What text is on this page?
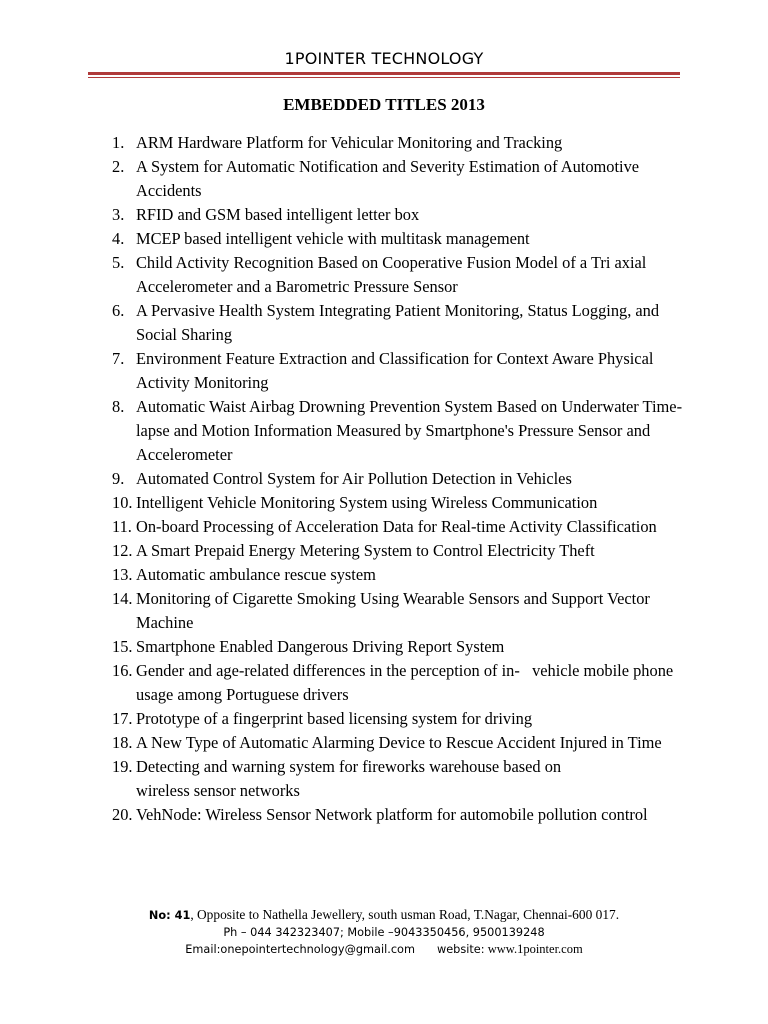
1POINTER TECHNOLOGY
EMBEDDED TITLES 2013
1. ARM Hardware Platform for Vehicular Monitoring and Tracking
2. A System for Automatic Notification and Severity Estimation of Automotive Accidents
3. RFID and GSM based intelligent letter box
4. MCEP based intelligent vehicle with multitask management
5. Child Activity Recognition Based on Cooperative Fusion Model of a Tri axial Accelerometer and a Barometric Pressure Sensor
6. A Pervasive Health System Integrating Patient Monitoring, Status Logging, and Social Sharing
7. Environment Feature Extraction and Classification for Context Aware Physical Activity Monitoring
8. Automatic Waist Airbag Drowning Prevention System Based on Underwater Time-lapse and Motion Information Measured by Smartphone's Pressure Sensor and Accelerometer
9. Automated Control System for Air Pollution Detection in Vehicles
10. Intelligent Vehicle Monitoring System using Wireless Communication
11. On-board Processing of Acceleration Data for Real-time Activity Classification
12. A Smart Prepaid Energy Metering System to Control Electricity Theft
13. Automatic ambulance rescue system
14. Monitoring of Cigarette Smoking Using Wearable Sensors and Support Vector Machine
15. Smartphone Enabled Dangerous Driving Report System
16. Gender and age-related differences in the perception of in-   vehicle mobile phone usage among Portuguese drivers
17. Prototype of a fingerprint based licensing system for driving
18. A New Type of Automatic Alarming Device to Rescue Accident Injured in Time
19. Detecting and warning system for fireworks warehouse based on wireless sensor networks
20. VehNode: Wireless Sensor Network platform for automobile pollution control
No: 41, Opposite to Nathella Jewellery, south usman Road, T.Nagar, Chennai-600 017.
Ph – 044 342323407; Mobile –9043350456, 9500139248
Email:onepointertechnology@gmail.com website: www.1pointer.com
